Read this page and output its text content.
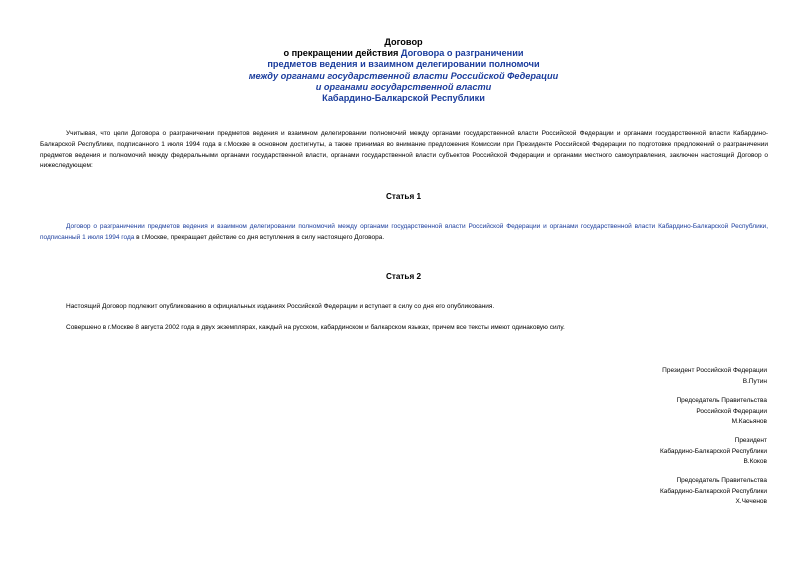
Договор
о прекращении действия Договора о разграничении
предметов ведения и взаимном делегировании полномочи
между органами государственной власти Российской Федерации
и органами государственной власти
Кабардино-Балкарской Республики
Учитывая, что цели Договора о разграничении предметов ведения и взаимном делегировании полномочий между органами государственной власти Российской Федерации и органами государственной власти Кабардино-Балкарской Республики, подписанного 1 июля 1994 года в г.Москве в основном достигнуты, а также принимая во внимание предложения Комиссии при Президенте Российской Федерации по подготовке предложений о разграничении предметов ведения и полномочий между федеральными органами государственной власти, органами государственной власти субъектов Российской Федерации и органами местного самоуправления, заключен настоящий Договор о нижеследующем:
Статья 1
Договор о разграничении предметов ведения и взаимном делегировании полномочий между органами государственной власти Российской Федерации и органами государственной власти Кабардино-Балкарской Республики, подписанный 1 июля 1994 года в г.Москве, прекращает действие со дня вступления в силу настоящего Договора.
Статья 2
Настоящий Договор подлежит опубликованию в официальных изданиях Российской Федерации и вступает в силу со дня его опубликования.
Совершено в г.Москве 8 августа 2002 года в двух экземплярах, каждый на русском, кабардинском и балкарском языках, причем все тексты имеют одинаковую силу.
Президент Российской Федерации
В.Путин
Председатель Правительства
Российской Федерации
М.Касьянов
Президент
Кабардино-Балкарской Республики
В.Коков
Председатель Правительства
Кабардино-Балкарской Республики
Х.Чеченов
